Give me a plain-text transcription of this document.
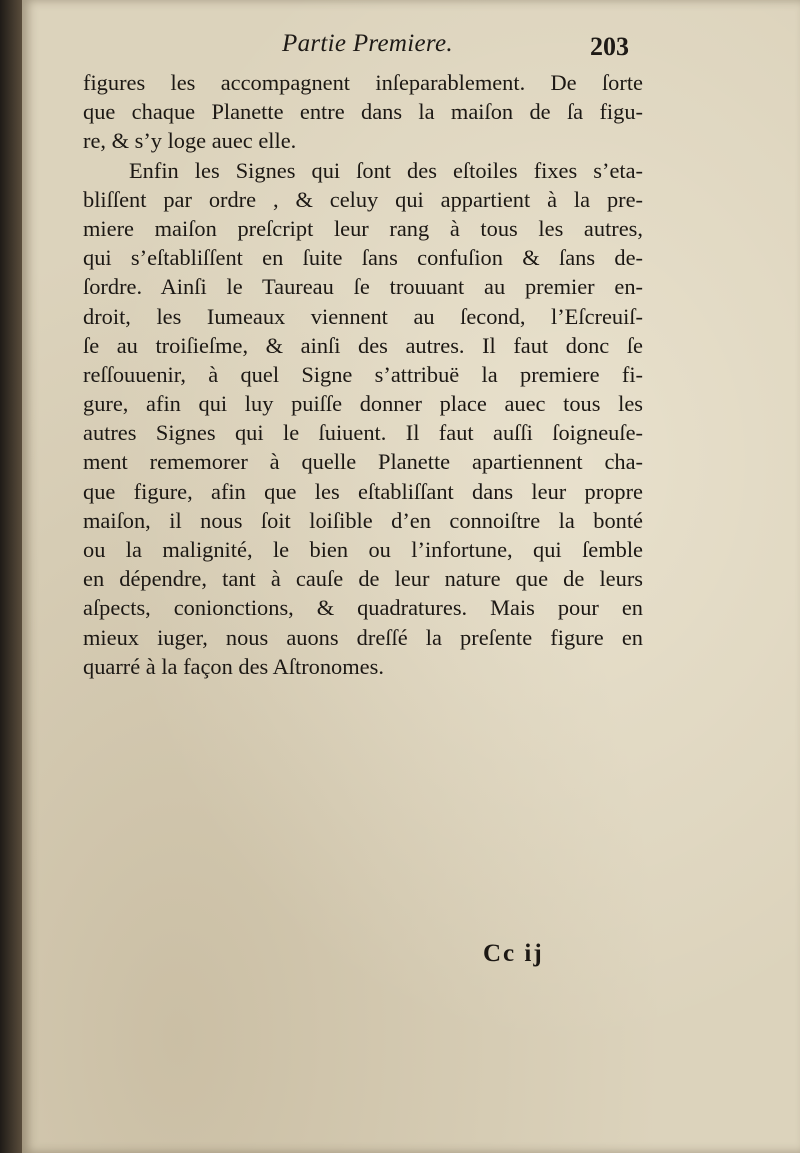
Partie Premiere.	203
figures les accompagnent inſeparablement. De ſorte
que chaque Planette entre dans la maiſon de ſa figu-
re, & s’y loge auec elle.
Enfin les Signes qui ſont des eſtoiles fixes s’eta-
bliſſent par ordre , & celuy qui appartient à la pre-
miere maiſon preſcript leur rang à tous les autres,
qui s’eſtabliſſent en ſuite ſans confuſion & ſans de-
ſordre. Ainſi le Taureau ſe trouuant au premier en-
droit, les Iumeaux viennent au ſecond, l’Eſcreuiſ-
ſe au troiſieſme, & ainſi des autres. Il faut donc ſe
reſſouuenir, à quel Signe s’attribuë la premiere fi-
gure, afin qui luy puiſſe donner place auec tous les
autres Signes qui le ſuiuent. Il faut auſſi ſoigneuſe-
ment rememorer à quelle Planette apartiennent cha-
que figure, afin que les eſtabliſſant dans leur propre
maiſon, il nous ſoit loiſible d’en connoiſtre la bonté
ou la malignité, le bien ou l’infortune, qui ſemble
en dépendre, tant à cauſe de leur nature que de leurs
aſpects, conionctions, & quadratures. Mais pour en
mieux iuger, nous auons dreſſé la preſente figure en
quarré à la façon des Aſtronomes.
Cc ij
